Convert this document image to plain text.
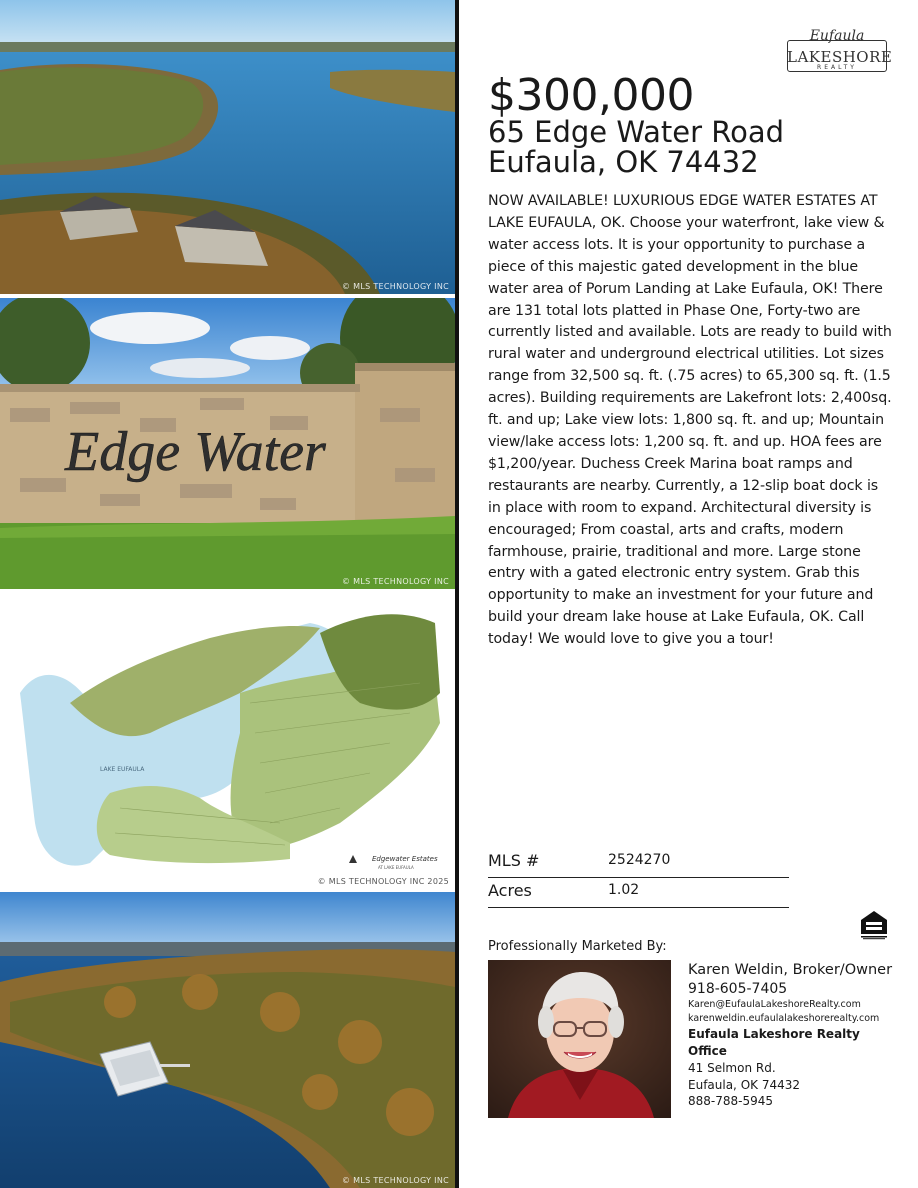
© MLS TECHNOLOGY INC
Edge Water
© MLS TECHNOLOGY INC
LAKE EUFAULA
Edgewater Estates
AT LAKE EUFAULA
© MLS TECHNOLOGY INC 2025
© MLS TECHNOLOGY INC
Eufaula
LAKESHORE
REALTY
$300,000
65 Edge Water Road
Eufaula, OK 74432
NOW AVAILABLE! LUXURIOUS EDGE WATER ESTATES AT LAKE EUFAULA, OK. Choose your waterfront, lake view & water access lots. It is your opportunity to purchase a piece of this majestic gated development in the blue water area of Porum Landing at Lake Eufaula, OK! There are 131 total lots platted in Phase One, Forty-two are currently listed and available. Lots are ready to build with rural water and underground electrical utilities. Lot sizes range from 32,500 sq. ft. (.75 acres) to 65,300 sq. ft. (1.5 acres). Building requirements are Lakefront lots: 2,400sq. ft. and up; Lake view lots: 1,800 sq. ft. and up; Mountain view/lake access lots: 1,200 sq. ft. and up. HOA fees are $1,200/year. Duchess Creek Marina boat ramps and restaurants are nearby. Currently, a 12-slip boat dock is in place with room to expand. Architectural diversity is encouraged; From coastal, arts and crafts, modern farmhouse, prairie, traditional and more. Large stone entry with a gated electronic entry system. Grab this opportunity to make an investment for your future and build your dream lake house at Lake Eufaula, OK. Call today! We would love to give you a tour!
MLS #	2524270
Acres	1.02
Professionally Marketed By:
Karen Weldin, Broker/Owner
918-605-7405
Karen@EufaulaLakeshoreRealty.com
karenweldin.eufaulalakeshorerealty.com
Eufaula Lakeshore Realty Office
41 Selmon Rd.
Eufaula, OK 74432
888-788-5945
